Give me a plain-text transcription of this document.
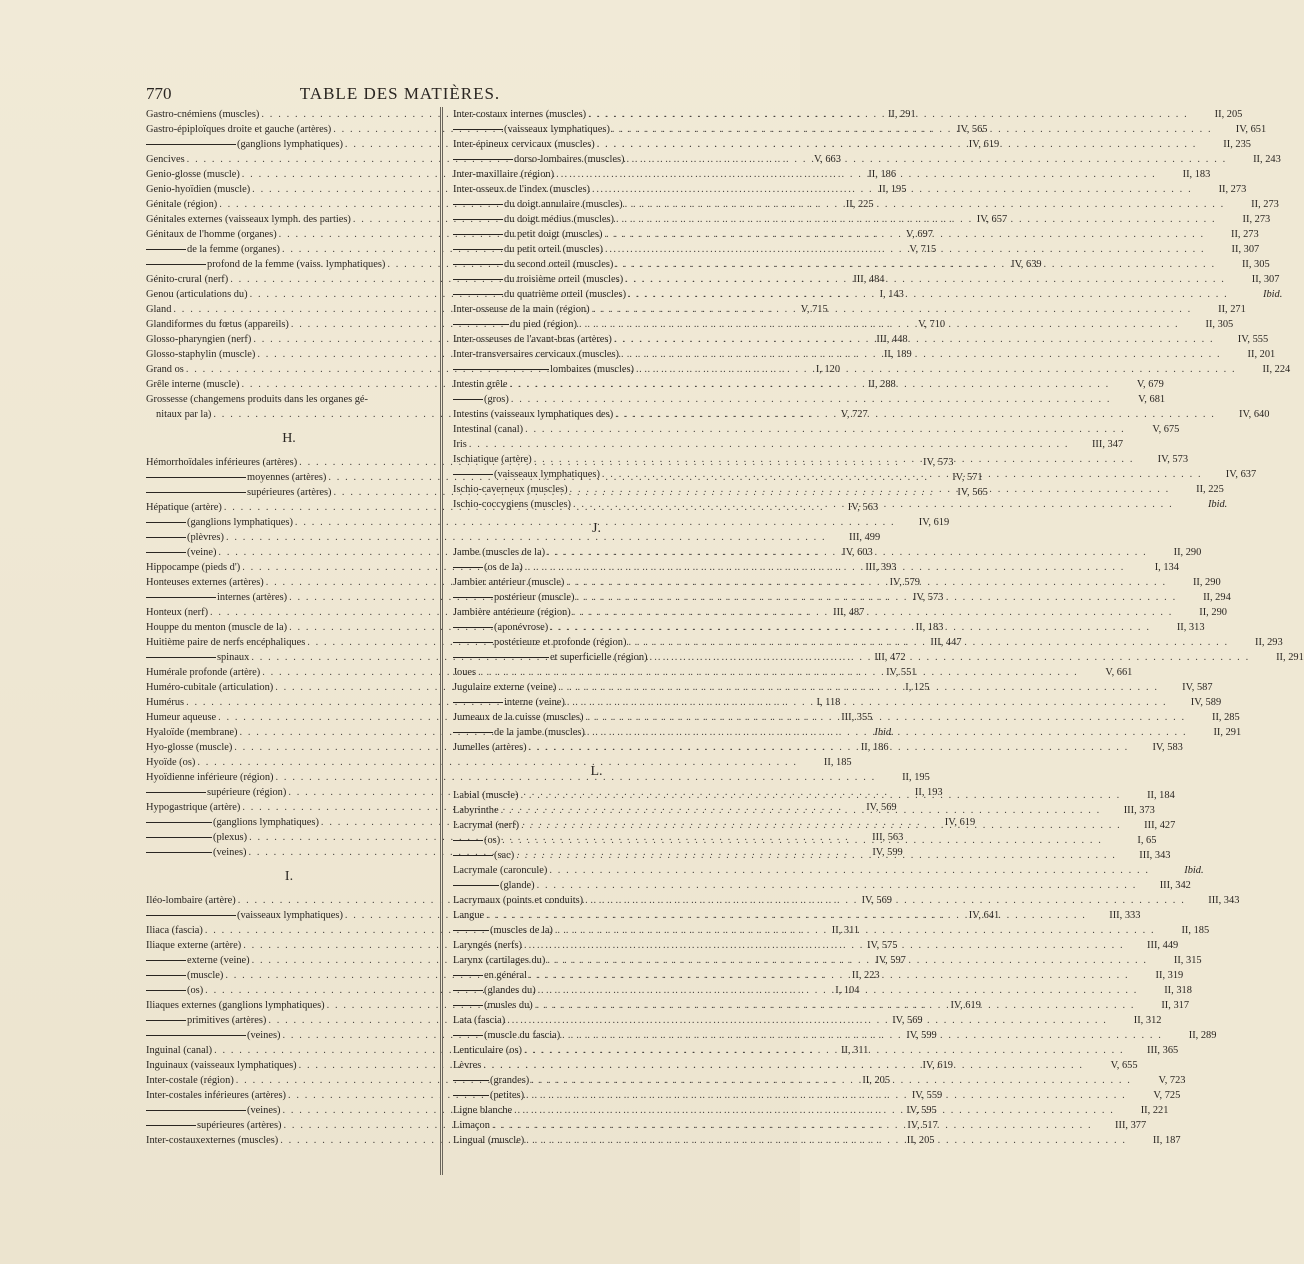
770	TABLE DES MATIÈRES.
Gastro-cnémiens (muscles) . . .	II, 291
Gastro-épiploïques droite et gauche (artères) . . .	IV, 565
(ganglions lymphatiques) . . .	IV, 619
Gencives . . .	V, 663
Genio-glosse (muscle) . . .	II, 186
Genio-hyoïdien (muscle) . . .	II, 195
Génitale (région) . . .	II, 225
Génitales externes (vaisseaux lymph. des parties) . . .	IV, 657
Génitaux de l'homme (organes) . . .	V, 697
de la femme (organes) . . .	V, 715
profond de la femme (vaiss. lymphatiques) . . .	IV, 639
Génito-crural (nerf) . . .	III, 484
Genou (articulations du) . . .	I, 143
Gland . . .	V, 715
Glandiformes du fœtus (appareils) . . .	V, 710
Glosso-pharyngien (nerf) . . .	III, 448
Glosso-staphylin (muscle) . . .	II, 189
Grand os . . .	I, 120
Grêle interne (muscle) . . .	II, 288
Grossesse (changemens produits dans les organes gé-
nitaux par la) . . .	V, 727
H.
Hémorrhoïdales inférieures (artères) . . .	IV, 573
moyennes (artères) . . .	IV, 571
supérieures (artères) . . .	IV, 565
Hépatique (artère) . . .	IV, 563
(ganglions lymphatiques) . . .	IV, 619
(plèvres) . . .	III, 499
(veine) . . .	IV, 603
Hippocampe (pieds d') . . .	III, 393
Honteuses externes (artères) . . .	IV, 579
internes (artères) . . .	IV, 573
Honteux (nerf) . . .	III, 487
Houppe du menton (muscle de la) . . .	II, 183
Huitième paire de nerfs encéphaliques . . .	III, 447
spinaux . . .	III, 472
Humérale profonde (artère) . . .	IV, 551
Huméro-cubitale (articulation) . . .	I, 125
Humérus . . .	I, 118
Humeur aqueuse . . .	III, 355
Hyaloïde (membrane) . . .	Ibid.
Hyo-glosse (muscle) . . .	II, 186
Hyoïde (os) . . .	II, 185
Hyoïdienne inférieure (région) . . .	II, 195
supérieure (région) . . .	II, 193
Hypogastrique (artère) . . .	IV, 569
(ganglions lymphatiques) . . .	IV, 619
(plexus) . . .	III, 563
(veines) . . .	IV, 599
I.
Iléo-lombaire (artère) . . .	IV, 569
(vaisseaux lymphatiques) . . .	IV, 641
Iliaca (fascia) . . .	II, 311
Iliaque externe (artère) . . .	IV, 575
externe (veine) . . .	IV, 597
(muscle) . . .	II, 223
(os) . . .	I, 104
Iliaques externes (ganglions lymphatiques) . . .	IV, 619
primitives (artères) . . .	IV, 569
(veines) . . .	IV, 599
Inguinal (canal) . . .	II, 311
Inguinaux (vaisseaux lymphatiques) . . .	IV, 619
Inter-costale (région) . . .	II, 205
Inter-costales inférieures (artères) . . .	IV, 559
(veines) . . .	IV, 595
supérieures (artères) . . .	IV, 517
Inter-costauxexternes (muscles) . . .	II, 205
Inter-costaux internes (muscles) . . .	II, 205
(vaisseaux lymphatiques) . . .	IV, 651
Inter-épineux cervicaux (muscles) . . .	II, 235
dorso-lombaires (muscles) . . .	II, 243
Inter-maxillaire (région) . . .	II, 183
Inter-osseux de l'index (muscles) . . .	II, 273
du doigt annulaire (muscles) . . .	II, 273
du doigt médius (muscles) . . .	II, 273
du petit doigt (muscles) . . .	II, 273
du petit orteil (muscles) . . .	II, 307
du second orteil (muscles) . . .	II, 305
du troisième orteil (muscles) . . .	II, 307
du quatrième orteil (muscles) . . .	Ibid.
Inter-osseuse de la main (région) . . .	II, 271
du pied (région) . . .	II, 305
Inter-osseuses de l'avant-bras (artères) . . .	IV, 555
Inter-transversaires cervicaux (muscles) . . .	II, 201
lombaires (muscles) . . .	II, 224
Intestin grêle . . .	V, 679
(gros) . . .	V, 681
Intestins (vaisseaux lymphatiques des) . . .	IV, 640
Intestinal (canal) . . .	V, 675
Iris . . .	III, 347
Ischiatique (artère) . . .	IV, 573
(vaisseaux lymphatiques) . . .	IV, 637
Ischio-caverneux (muscles) . . .	II, 225
Ischio-coccygiens (muscles) . . .	Ibid.
J.
Jambe (muscles de la) . . .	II, 290
(os de la) . . .	I, 134
Jambier antérieur (muscle) . . .	II, 290
postérieur (muscle) . . .	II, 294
Jambière antérieure (région) . . .	II, 290
(aponévrose) . . .	II, 313
postérieure et profonde (région) . . .	II, 293
et superficielle (région) . . .	II, 291
Joues . . .	V, 661
Jugulaire externe (veine) . . .	IV, 587
interne (veine) . . .	IV, 589
Jumeaux de la cuisse (muscles) . . .	II, 285
de la jambe (muscles) . . .	II, 291
Jumelles (artères) . . .	IV, 583
L.
Labial (muscle) . . .	II, 184
Labyrinthe . . .	III, 373
Lacrymal (nerf) . . .	III, 427
(os) . . .	I, 65
(sac) . . .	III, 343
Lacrymale (caroncule) . . .	Ibid.
(glande) . . .	III, 342
Lacrymaux (points et conduits) . . .	III, 343
Langue . . .	III, 333
(muscles de la) . . .	II, 185
Laryngés (nerfs) . . .	III, 449
Larynx (cartilages du) . . .	II, 315
en général . . .	II, 319
(glandes du) . . .	II, 318
(musles du) . . .	II, 317
Lata (fascia) . . .	II, 312
(muscle du fascia) . . .	II, 289
Lenticulaire (os) . . .	III, 365
Lèvres . . .	V, 655
(grandes) . . .	V, 723
(petites) . . .	V, 725
Ligne blanche . . .	II, 221
Limaçon . . .	III, 377
Lingual (muscle) . . .	II, 187
